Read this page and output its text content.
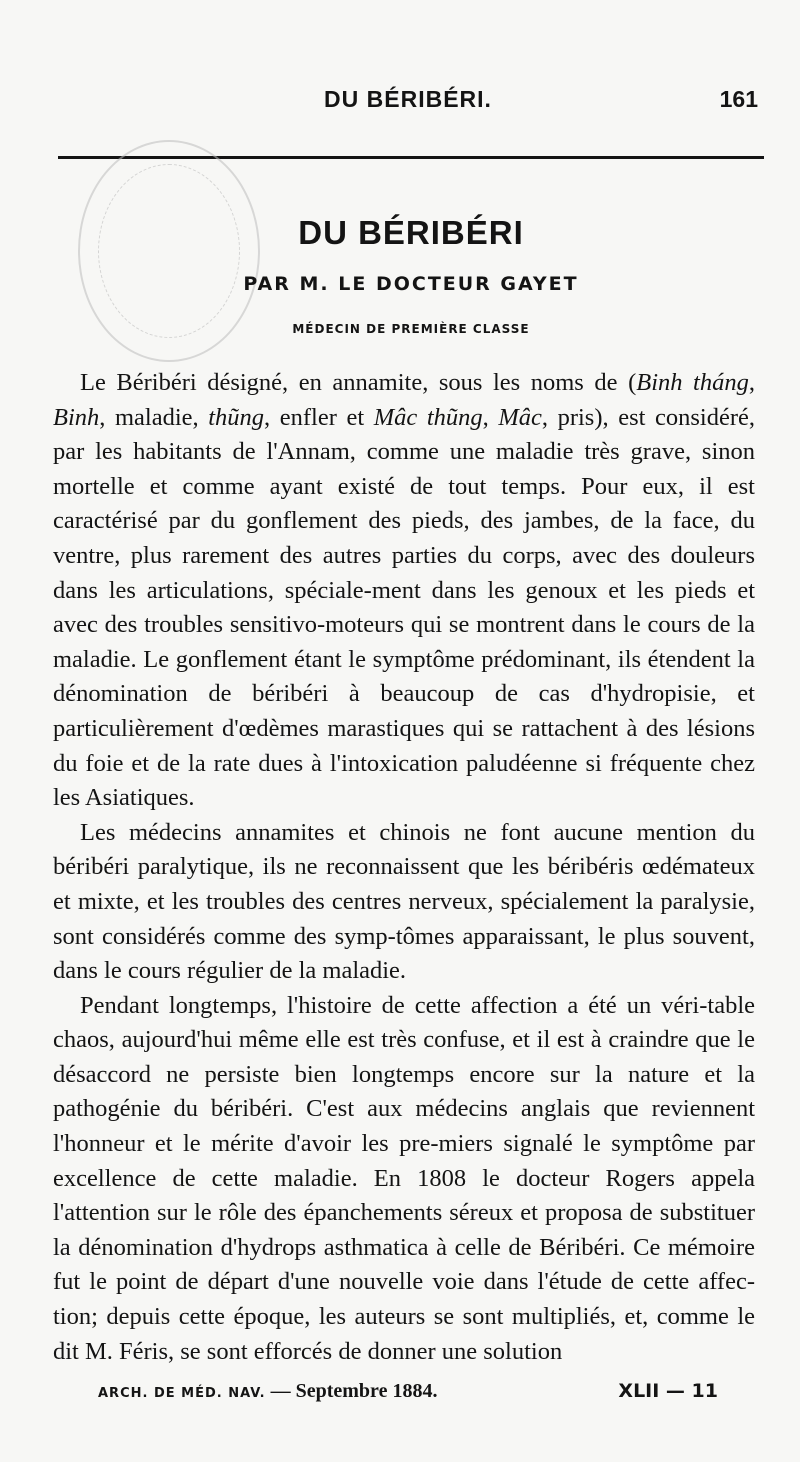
DU BÉRIBÉRI.	161
DU BÉRIBÉRI
PAR M. LE DOCTEUR GAYET
MÉDECIN DE PREMIÈRE CLASSE

Le Béribéri désigné, en annamite, sous les noms de (Binh tháng, Binh, maladie, thũng, enfler et Mâc thũng, Mâc, pris), est considéré, par les habitants de l'Annam, comme une maladie très grave, sinon mortelle et comme ayant existé de tout temps. Pour eux, il est caractérisé par du gonflement des pieds, des jambes, de la face, du ventre, plus rarement des autres parties du corps, avec des douleurs dans les articulations, spéciale-ment dans les genoux et les pieds et avec des troubles sensitivo-moteurs qui se montrent dans le cours de la maladie. Le gonflement étant le symptôme prédominant, ils étendent la dénomination de béribéri à beaucoup de cas d'hydropisie, et particulièrement d'œdèmes marastiques qui se rattachent à des lésions du foie et de la rate dues à l'intoxication paludéenne si fréquente chez les Asiatiques.

Les médecins annamites et chinois ne font aucune mention du béribéri paralytique, ils ne reconnaissent que les béribéris œdémateux et mixte, et les troubles des centres nerveux, spécialement la paralysie, sont considérés comme des symp-tômes apparaissant, le plus souvent, dans le cours régulier de la maladie.

Pendant longtemps, l'histoire de cette affection a été un véri-table chaos, aujourd'hui même elle est très confuse, et il est à craindre que le désaccord ne persiste bien longtemps encore sur la nature et la pathogénie du béribéri. C'est aux médecins anglais que reviennent l'honneur et le mérite d'avoir les pre-miers signalé le symptôme par excellence de cette maladie. En 1808 le docteur Rogers appela l'attention sur le rôle des épanchements séreux et proposa de substituer la dénomination d'hydrops asthmatica à celle de Béribéri. Ce mémoire fut le point de départ d'une nouvelle voie dans l'étude de cette affec-tion; depuis cette époque, les auteurs se sont multipliés, et, comme le dit M. Féris, se sont efforcés de donner une solution

ARCH. DE MÉD. NAV. — Septembre 1884.	XLII — 11
